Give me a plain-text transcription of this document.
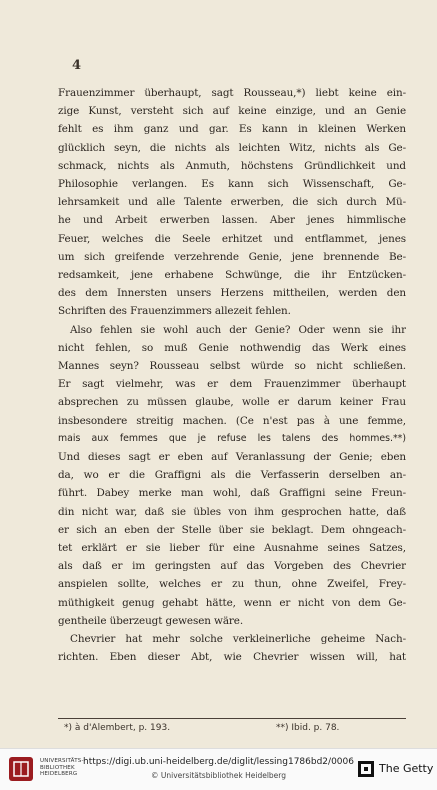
4
Frauenzimmer überhaupt, sagt Rousseau,*) liebt keine ein-
zige Kunst, versteht sich auf keine einzige, und an Genie
fehlt es ihm ganz und gar. Es kann in kleinen Werken
glücklich seyn, die nichts als leichten Witz, nichts als Ge-
schmack, nichts als Anmuth, höchstens Gründlichkeit und
Philosophie verlangen. Es kann sich Wissenschaft, Ge-
lehrsamkeit und alle Talente erwerben, die sich durch Mü-
he und Arbeit erwerben lassen. Aber jenes himmlische
Feuer, welches die Seele erhitzet und entflammet, jenes
um sich greifende verzehrende Genie, jene brennende Be-
redsamkeit, jene erhabene Schwünge, die ihr Entzücken-
des dem Innersten unsers Herzens mittheilen, werden den
Schriften des Frauenzimmers allezeit fehlen.
Also fehlen sie wohl auch der Genie? Oder wenn sie ihr
nicht fehlen, so muß Genie nothwendig das Werk eines
Mannes seyn? Rousseau selbst würde so nicht schließen.
Er sagt vielmehr, was er dem Frauenzimmer überhaupt
absprechen zu müssen glaube, wolle er darum keiner Frau
insbesondere streitig machen. (Ce n'est pas à une femme,
mais aux femmes que je refuse les talens des hommes.**)
Und dieses sagt er eben auf Veranlassung der Genie; eben
da, wo er die Graffigni als die Verfasserin derselben an-
führt. Dabey merke man wohl, daß Graffigni seine Freun-
din nicht war, daß sie übles von ihm gesprochen hatte, daß
er sich an eben der Stelle über sie beklagt. Dem ohngeach-
tet erklärt er sie lieber für eine Ausnahme seines Satzes,
als daß er im geringsten auf das Vorgeben des Chevrier
anspielen sollte, welches er zu thun, ohne Zweifel, Frey-
müthigkeit genug gehabt hätte, wenn er nicht von dem Ge-
gentheile überzeugt gewesen wäre.
Chevrier hat mehr solche verkleinerliche geheime Nach-
richten. Eben dieser Abt, wie Chevrier wissen will, hat
*) à d'Alembert, p. 193.	**) Ibid. p. 78.
UNIVERSITÄTS-
BIBLIOTHEK
HEIDELBERG
https://digi.ub.uni-heidelberg.de/diglit/lessing1786bd2/0006
© Universitätsbibliothek Heidelberg
The Getty
